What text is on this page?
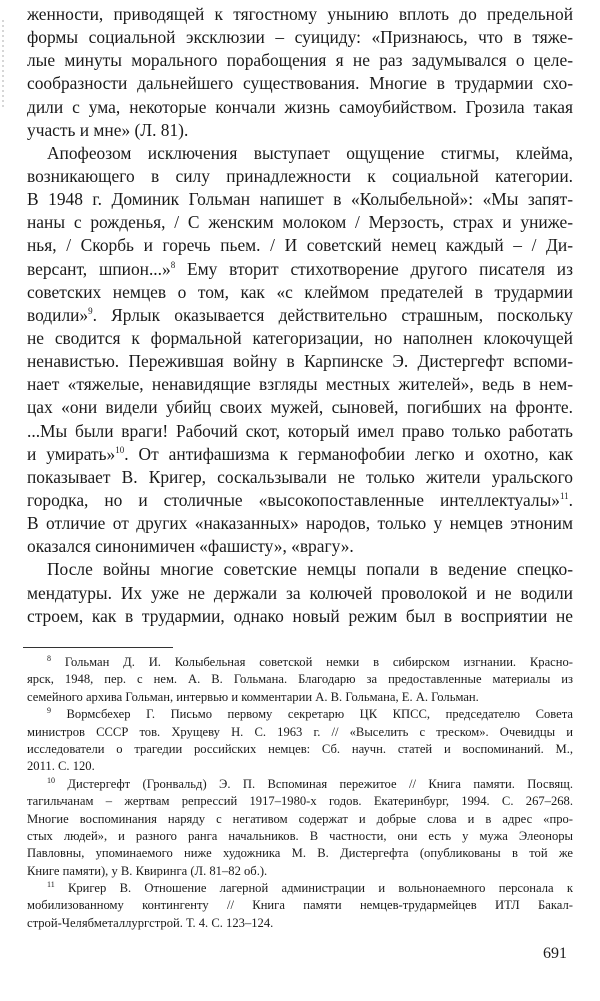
женности, приводящей к тягостному унынию вплоть до предельной
формы социальной эксклюзии – суициду: «Признаюсь, что в тяже-
лые минуты морального порабощения я не раз задумывался о целе-
сообразности дальнейшего существования. Многие в трудармии схо-
дили с ума, некоторые кончали жизнь самоубийством. Грозила такая
участь и мне» (Л. 81).
Апофеозом исключения выступает ощущение стигмы, клейма,
возникающего в силу принадлежности к социальной категории.
В 1948 г. Доминик Гольман напишет в «Колыбельной»: «Мы запят-
наны с рожденья, / С женским молоком / Мерзость, страх и униже-
нья, / Скорбь и горечь пьем. / И советский немец каждый – / Ди-
версант, шпион...»$^8$ Ему вторит стихотворение другого писателя из
советских немцев о том, как «с клеймом предателей в трудармии
водили»$^9$. Ярлык оказывается действительно страшным, поскольку
не сводится к формальной категоризации, но наполнен клокочущей
ненавистью. Пережившая войну в Карпинске Э. Дистергефт вспоми-
нает «тяжелые, ненавидящие взгляды местных жителей», ведь в нем-
цах «они видели убийц своих мужей, сыновей, погибших на фронте.
...Мы были враги! Рабочий скот, который имел право только работать
и умирать»$^{10}$. От антифашизма к германофобии легко и охотно, как
показывает В. Кригер, соскальзывали не только жители уральского
городка, но и столичные «высокопоставленные интеллектуалы»$^{11}$.
В отличие от других «наказанных» народов, только у немцев этноним
оказался синонимичен «фашисту», «врагу».
После войны многие советские немцы попали в ведение спецко-
мендатуры. Их уже не держали за колючей проволокой и не водили
строем, как в трудармии, однако новый режим был в восприятии не
$^8$ Гольман Д. И. Колыбельная советской немки в сибирском изгнании. Красно-
ярск, 1948, пер. с нем. А. В. Гольмана. Благодарю за предоставленные материалы из
семейного архива Гольман, интервью и комментарии А. В. Гольмана, Е. А. Гольман.
$^9$ Вормсбехер Г. Письмо первому секретарю ЦК КПСС, председателю Совета
министров СССР тов. Хрущеву Н. С. 1963 г. // «Выселить с треском». Очевидцы и
исследователи о трагедии российских немцев: Сб. научн. статей и воспоминаний. М.,
2011. С. 120.
$^{10}$ Дистергефт (Гронвальд) Э. П. Вспоминая пережитое // Книга памяти. Посвящ.
тагильчанам – жертвам репрессий 1917–1980-х годов. Екатеринбург, 1994. С. 267–268.
Многие воспоминания наряду с негативом содержат и добрые слова и в адрес «про-
стых людей», и разного ранга начальников. В частности, они есть у мужа Элеоноры
Павловны, упоминаемого ниже художника М. В. Дистергефта (опубликованы в той же
Книге памяти), у В. Квиринга (Л. 81–82 об.).
$^{11}$ Кригер В. Отношение лагерной администрации и вольнонаемного персонала к
мобилизованному контингенту // Книга памяти немцев-трудармейцев ИТЛ Бакал-
строй-Челябметаллургстрой. Т. 4. С. 123–124.
691
